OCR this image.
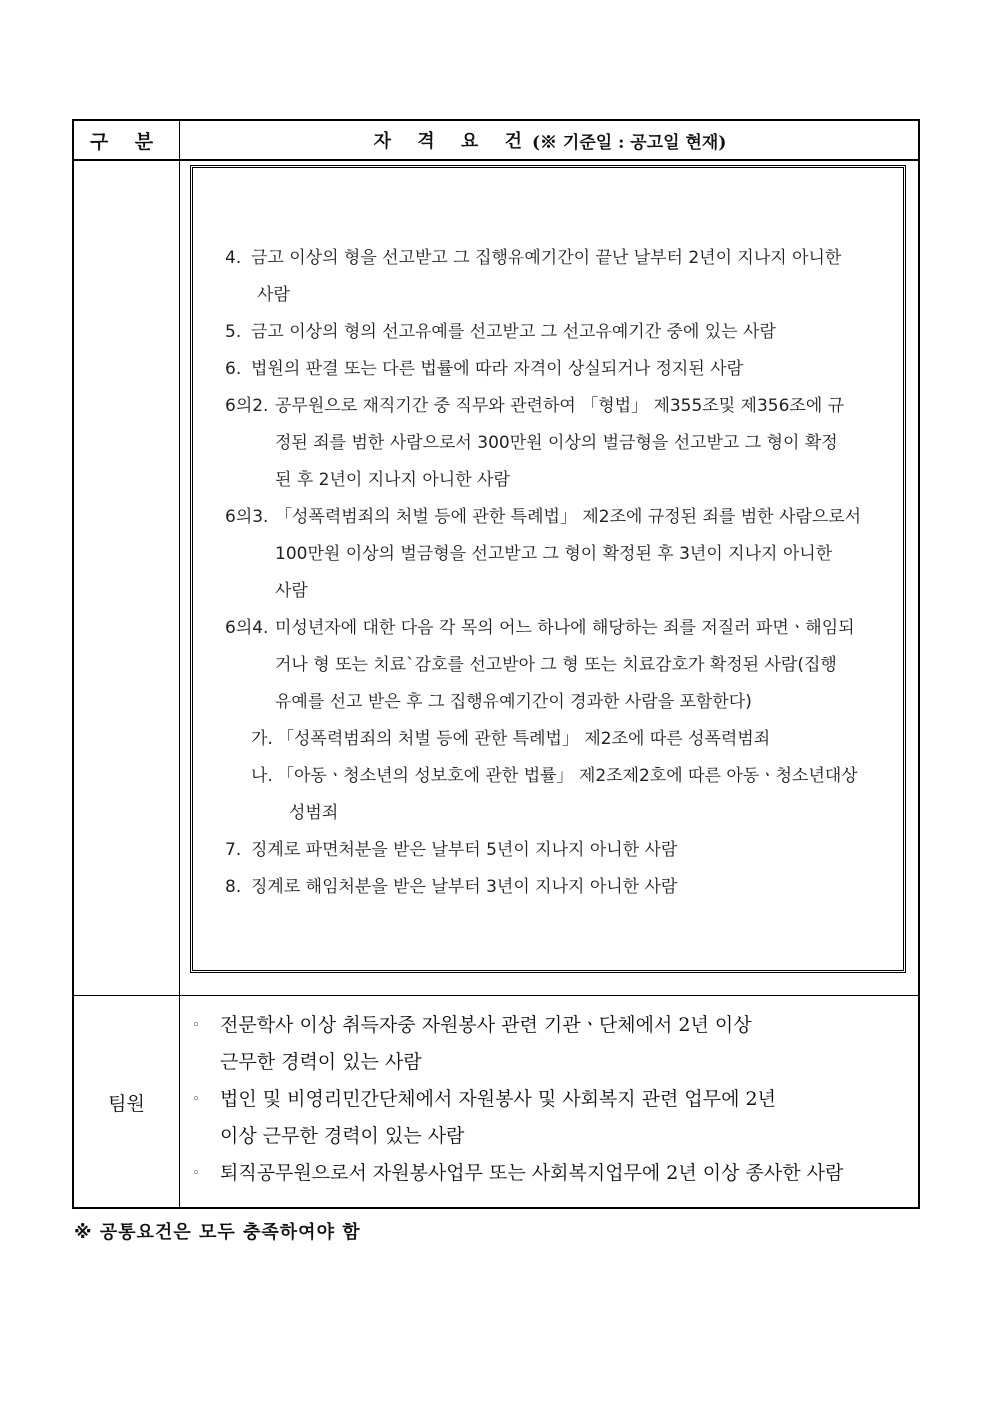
구 분	자 격 요 건 (※ 기준일 : 공고일 현재)
4. 금고 이상의 형을 선고받고 그 집행유예기간이 끝난 날부터 2년이 지나지 아니한

사람

5. 금고 이상의 형의 선고유예를 선고받고 그 선고유예기간 중에 있는 사람

6. 법원의 판결 또는 다른 법률에 따라 자격이 상실되거나 정지된 사람

6의2. 공무원으로 재직기간 중 직무와 관련하여 「형법」 제355조및 제356조에 규

정된 죄를 범한 사람으로서 300만원 이상의 벌금형을 선고받고 그 형이 확정

된 후 2년이 지나지 아니한 사람

6의3. 「성폭력범죄의 처벌 등에 관한 특례법」 제2조에 규정된 죄를 범한 사람으로서

100만원 이상의 벌금형을 선고받고 그 형이 확정된 후 3년이 지나지 아니한

사람

6의4. 미성년자에 대한 다음 각 목의 어느 하나에 해당하는 죄를 저질러 파면ㆍ해임되

거나 형 또는 치료`감호를 선고받아 그 형 또는 치료감호가 확정된 사람(집행

유예를 선고 받은 후 그 집행유예기간이 경과한 사람을 포함한다)

가. 「성폭력범죄의 처벌 등에 관한 특례법」 제2조에 따른 성폭력범죄

나. 「아동ㆍ청소년의 성보호에 관한 법률」 제2조제2호에 따른 아동ㆍ청소년대상

성범죄

7. 징계로 파면처분을 받은 날부터 5년이 지나지 아니한 사람

8. 징계로 해임처분을 받은 날부터 3년이 지나지 아니한 사람

팀원
◦ 전문학사 이상 취득자중 자원봉사 관련 기관ㆍ단체에서 2년 이상

근무한 경력이 있는 사람

◦ 법인 및 비영리민간단체에서 자원봉사 및 사회복지 관련 업무에 2년

이상 근무한 경력이 있는 사람

◦ 퇴직공무원으로서 자원봉사업무 또는 사회복지업무에 2년 이상 종사한 사람

※ 공통요건은 모두 충족하여야 함
